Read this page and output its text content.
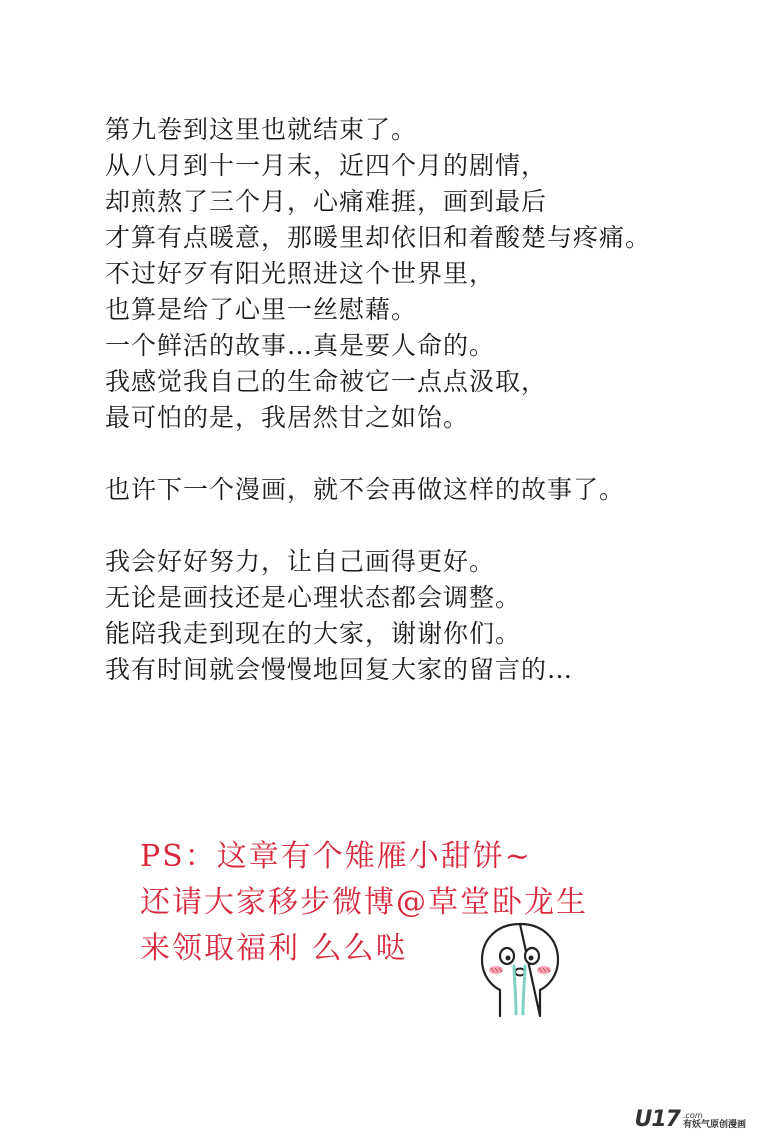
第九卷到这里也就结束了。
从八月到十一月末，近四个月的剧情，
却煎熬了三个月，心痛难捱，画到最后
才算有点暖意，那暖里却依旧和着酸楚与疼痛。
不过好歹有阳光照进这个世界里，
也算是给了心里一丝慰藉。
一个鲜活的故事…真是要人命的。
我感觉我自己的生命被它一点点汲取，
最可怕的是，我居然甘之如饴。
也许下一个漫画，就不会再做这样的故事了。
我会好好努力，让自己画得更好。
无论是画技还是心理状态都会调整。
能陪我走到现在的大家，谢谢你们。
我有时间就会慢慢地回复大家的留言的…
PS：这章有个雉雁小甜饼~
还请大家移步微博@草堂卧龙生
来领取福利 么么哒
U17 .com
有妖气原创漫画
